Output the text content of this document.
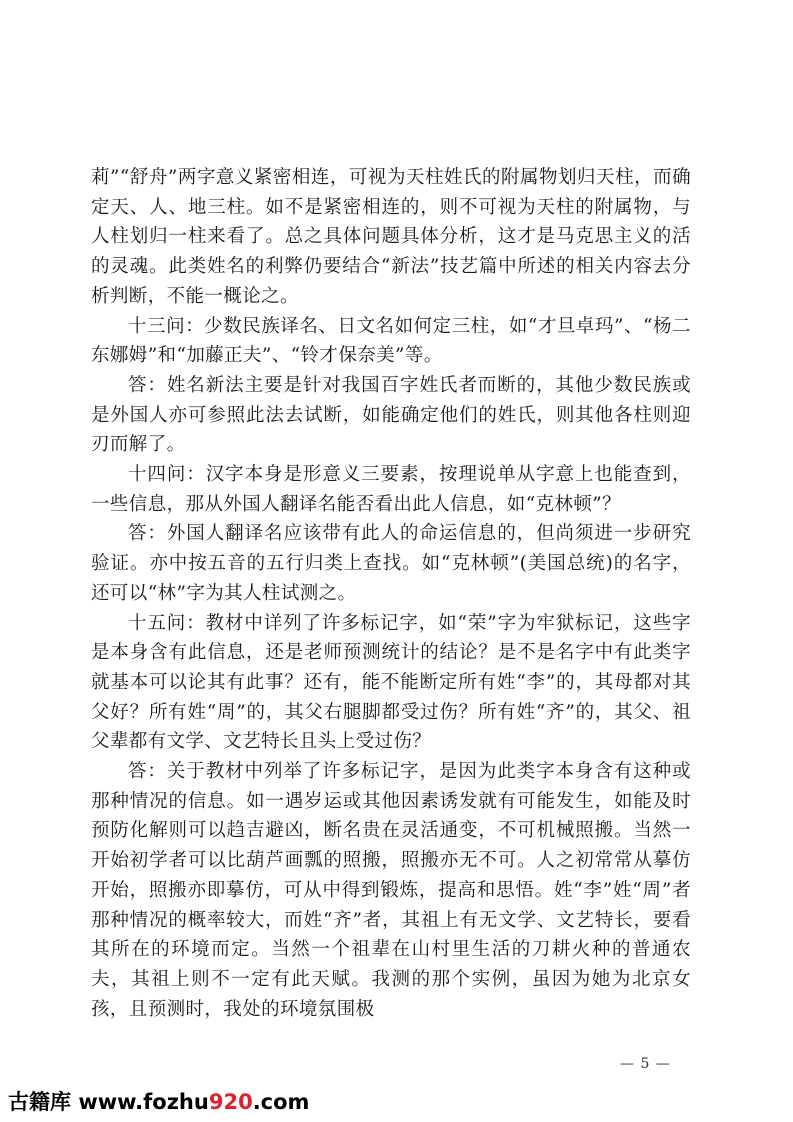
莉”“舒舟”两字意义紧密相连，可视为天柱姓氏的附属物划归天柱，而确定天、人、地三柱。如不是紧密相连的，则不可视为天柱的附属物，与人柱划归一柱来看了。总之具体问题具体分析，这才是马克思主义的活的灵魂。此类姓名的利弊仍要结合“新法”技艺篇中所述的相关内容去分析判断，不能一概论之。

十三问：少数民族译名、日文名如何定三柱，如“才旦卓玛”、“杨二东娜姆”和“加藤正夫”、“铃才保奈美”等。

答：姓名新法主要是针对我国百字姓氏者而断的，其他少数民族或是外国人亦可参照此法去试断，如能确定他们的姓氏，则其他各柱则迎刃而解了。

十四问：汉字本身是形意义三要素，按理说单从字意上也能查到，一些信息，那从外国人翻译名能否看出此人信息，如“克林顿”？

答：外国人翻译名应该带有此人的命运信息的，但尚须进一步研究验证。亦中按五音的五行归类上查找。如“克林顿”(美国总统)的名字，还可以“林”字为其人柱试测之。

十五问：教材中详列了许多标记字，如“荣”字为牢狱标记，这些字是本身含有此信息，还是老师预测统计的结论？是不是名字中有此类字就基本可以论其有此事？还有，能不能断定所有姓“李”的，其母都对其父好？所有姓“周”的，其父右腿脚都受过伤？所有姓“齐”的，其父、祖父辈都有文学、文艺特长且头上受过伤？

答：关于教材中列举了许多标记字，是因为此类字本身含有这种或那种情况的信息。如一遇岁运或其他因素诱发就有可能发生，如能及时预防化解则可以趋吉避凶，断名贵在灵活通变，不可机械照搬。当然一开始初学者可以比葫芦画瓢的照搬，照搬亦无不可。人之初常常从摹仿开始，照搬亦即摹仿，可从中得到锻炼，提高和思悟。姓“李”姓“周”者那种情况的概率较大，而姓“齐”者，其祖上有无文学、文艺特长，要看其所在的环境而定。当然一个祖辈在山村里生活的刀耕火种的普通农夫，其祖上则不一定有此天赋。我测的那个实例，虽因为她为北京女孩，且预测时，我处的环境氛围极

— 5 —
古籍库 www.fozhu920.com
